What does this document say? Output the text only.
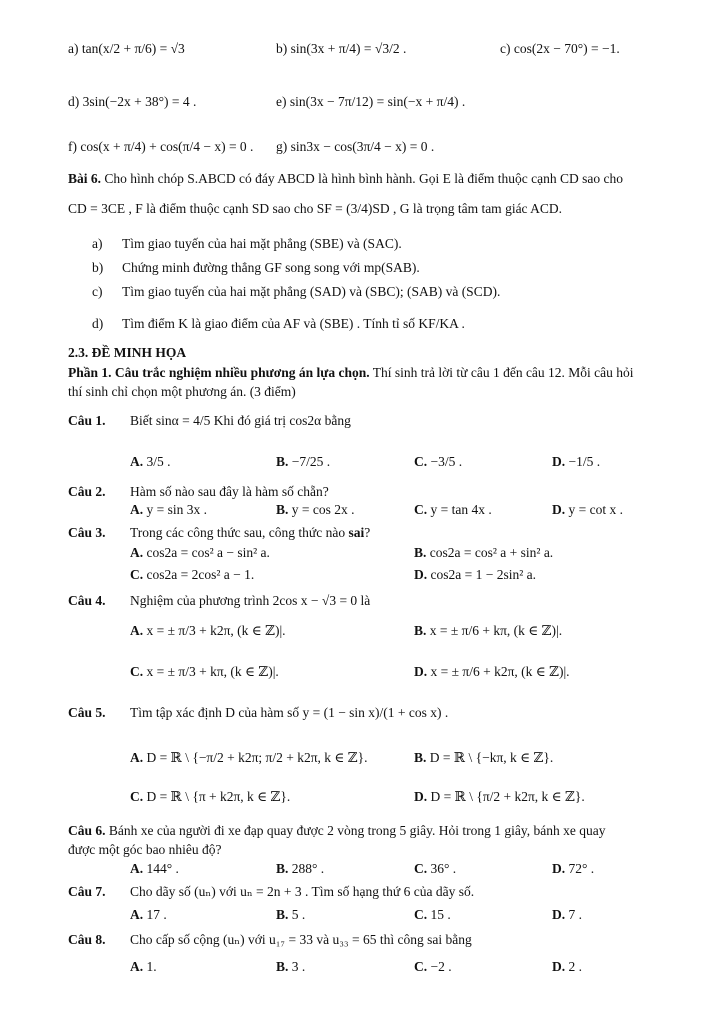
a) tan(x/2 + π/6) = √3	b) sin(3x + π/4) = √3/2 .	c) cos(2x − 70°) = −1.
d) 3sin(−2x + 38°) = 4 .	e) sin(3x − 7π/12) = sin(−x + π/4) .
f) cos(x + π/4) + cos(π/4 − x) = 0 . g) sin3x − cos(3π/4 − x) = 0 .
Bài 6. Cho hình chóp S.ABCD có đáy ABCD là hình bình hành. Gọi E là điểm thuộc cạnh CD sao cho
CD = 3CE , F là điểm thuộc cạnh SD sao cho SF = (3/4)SD , G là trọng tâm tam giác ACD.
a) Tìm giao tuyến của hai mặt phẳng (SBE) và (SAC).
b) Chứng minh đường thẳng GF song song với mp(SAB).
c) Tìm giao tuyến của hai mặt phẳng (SAD) và (SBC); (SAB) và (SCD).
d) Tìm điểm K là giao điểm của AF và (SBE) . Tính tỉ số KF/KA .
2.3. ĐỀ MINH HỌA
Phần 1. Câu trắc nghiệm nhiều phương án lựa chọn. Thí sinh trả lời từ câu 1 đến câu 12. Mỗi câu hỏi
thí sinh chỉ chọn một phương án. (3 điểm)
Câu 1. Biết sinα = 4/5 Khi đó giá trị cos2α bằng
A. 3/5 .	B. −7/25 .	C. −3/5 .	D. −1/5 .
Câu 2. Hàm số nào sau đây là hàm số chẵn?
A. y = sin 3x .	B. y = cos 2x .	C. y = tan 4x .	D. y = cot x .
Câu 3. Trong các công thức sau, công thức nào sai?
A. cos2a = cos² a − sin² a.	B. cos2a = cos² a + sin² a.
C. cos2a = 2cos² a − 1.	D. cos2a = 1 − 2sin² a.
Câu 4. Nghiệm của phương trình 2cos x − √3 = 0 là
A. x = ± π/3 + k2π, (k ∈ ℤ)|.	B. x = ± π/6 + kπ, (k ∈ ℤ)|.
C. x = ± π/3 + kπ, (k ∈ ℤ)|.	D. x = ± π/6 + k2π, (k ∈ ℤ)|.
Câu 5. Tìm tập xác định D của hàm số y = (1 − sin x)/(1 + cos x) .
A. D = ℝ \ {−π/2 + k2π; π/2 + k2π, k ∈ ℤ}.	B. D = ℝ \ {−kπ, k ∈ ℤ}.
C. D = ℝ \ {π + k2π, k ∈ ℤ}.	D. D = ℝ \ {π/2 + k2π, k ∈ ℤ}.
Câu 6. Bánh xe của người đi xe đạp quay được 2 vòng trong 5 giây. Hỏi trong 1 giây, bánh xe quay
được một góc bao nhiêu độ?
A. 144° .	B. 288° .	C. 36° .	D. 72° .
Câu 7. Cho dãy số (uₙ) với uₙ = 2n + 3 . Tìm số hạng thứ 6 của dãy số.
A. 17 .	B. 5 .	C. 15 .	D. 7 .
Câu 8. Cho cấp số cộng (uₙ) với u₁₇ = 33 và u₃₃ = 65 thì công sai bằng
A. 1.	B. 3 .	C. −2 .	D. 2 .
